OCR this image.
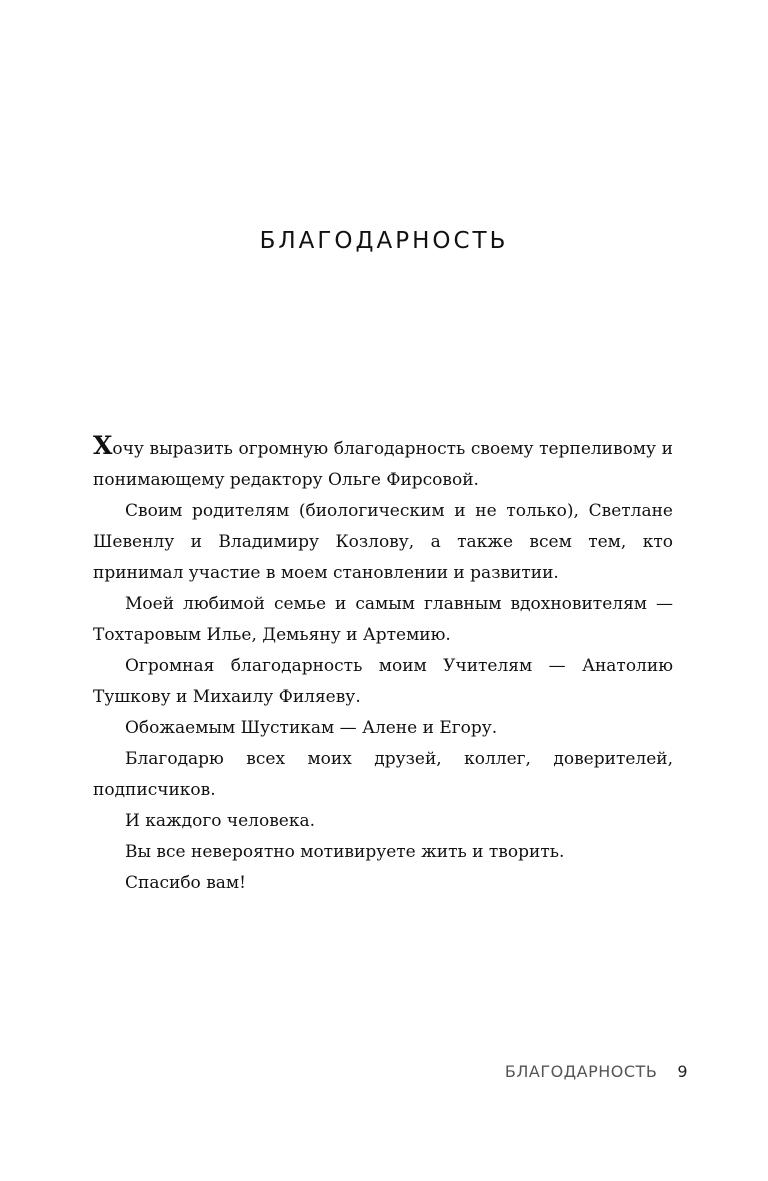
БЛАГОДАРНОСТЬ

Хочу выразить огромную благодарность своему терпеливому и понимающему редактору Ольге Фирсовой.

Своим родителям (биологическим и не только), Светлане Шевенлу и Владимиру Козлову, а также всем тем, кто принимал участие в моем становлении и развитии.

Моей любимой семье и самым главным вдохновителям — Тохтаровым Илье, Демьяну и Артемию.

Огромная благодарность моим Учителям — Анатолию Тушкову и Михаилу Филяеву.

Обожаемым Шустикам — Алене и Егору.

Благодарю всех моих друзей, коллег, доверителей, подписчиков.

И каждого человека.

Вы все невероятно мотивируете жить и творить.

Спасибо вам!

БЛАГОДАРНОСТЬ 9
